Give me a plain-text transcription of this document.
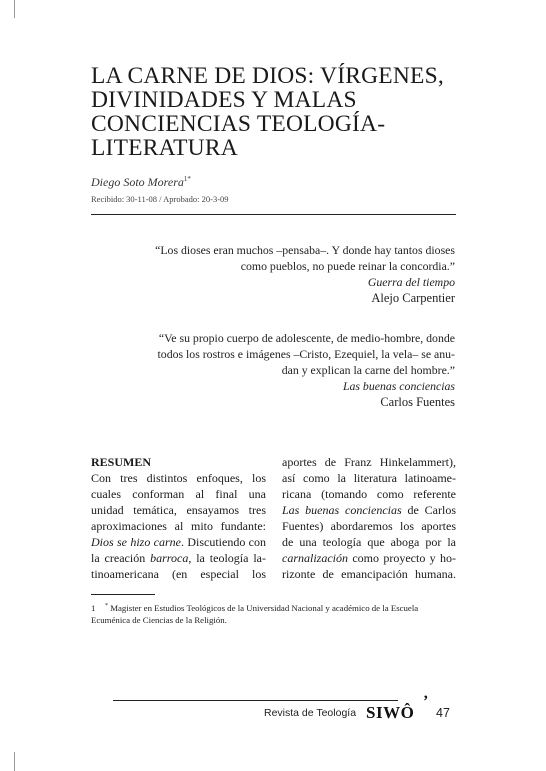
LA CARNE DE DIOS: VÍRGENES,
DIVINIDADES Y MALAS
CONCIENCIAS TEOLOGÍA-
LITERATURA
Diego Soto Morera$^{1*}$
Recibido: 30-11-08 / Aprobado: 20-3-09

“Los dioses eran muchos –pensaba–. Y donde hay tantos dioses

como pueblos, no puede reinar la concordia.”

Guerra del tiempo

Alejo Carpentier

“Ve su propio cuerpo de adolescente, de medio-hombre, donde

todos los rostros e imágenes –Cristo, Ezequiel, la vela– se anu-

dan y explican la carne del hombre.”

Las buenas conciencias

Carlos Fuentes

RESUMEN
Con tres distintos enfoques, los
cuales conforman al final una
unidad temática, ensayamos tres
aproximaciones al mito fundante:
Dios se hizo carne. Discutiendo con
la creación barroca, la teología la-
tinoamericana (en especial los
aportes de Franz Hinkelammert),
así como la literatura latinoame-
ricana (tomando como referente
Las buenas conciencias de Carlos
Fuentes) abordaremos los aportes
de una teología que aboga por la
carnalización como proyecto y ho-
rizonte de emancipación humana.
1 * Magister en Estudios Teológicos de la Universidad Nacional y académico de la Escuela Ecuménica de Ciencias de la Religión.
Revista de Teología SIWÔ
’
47
